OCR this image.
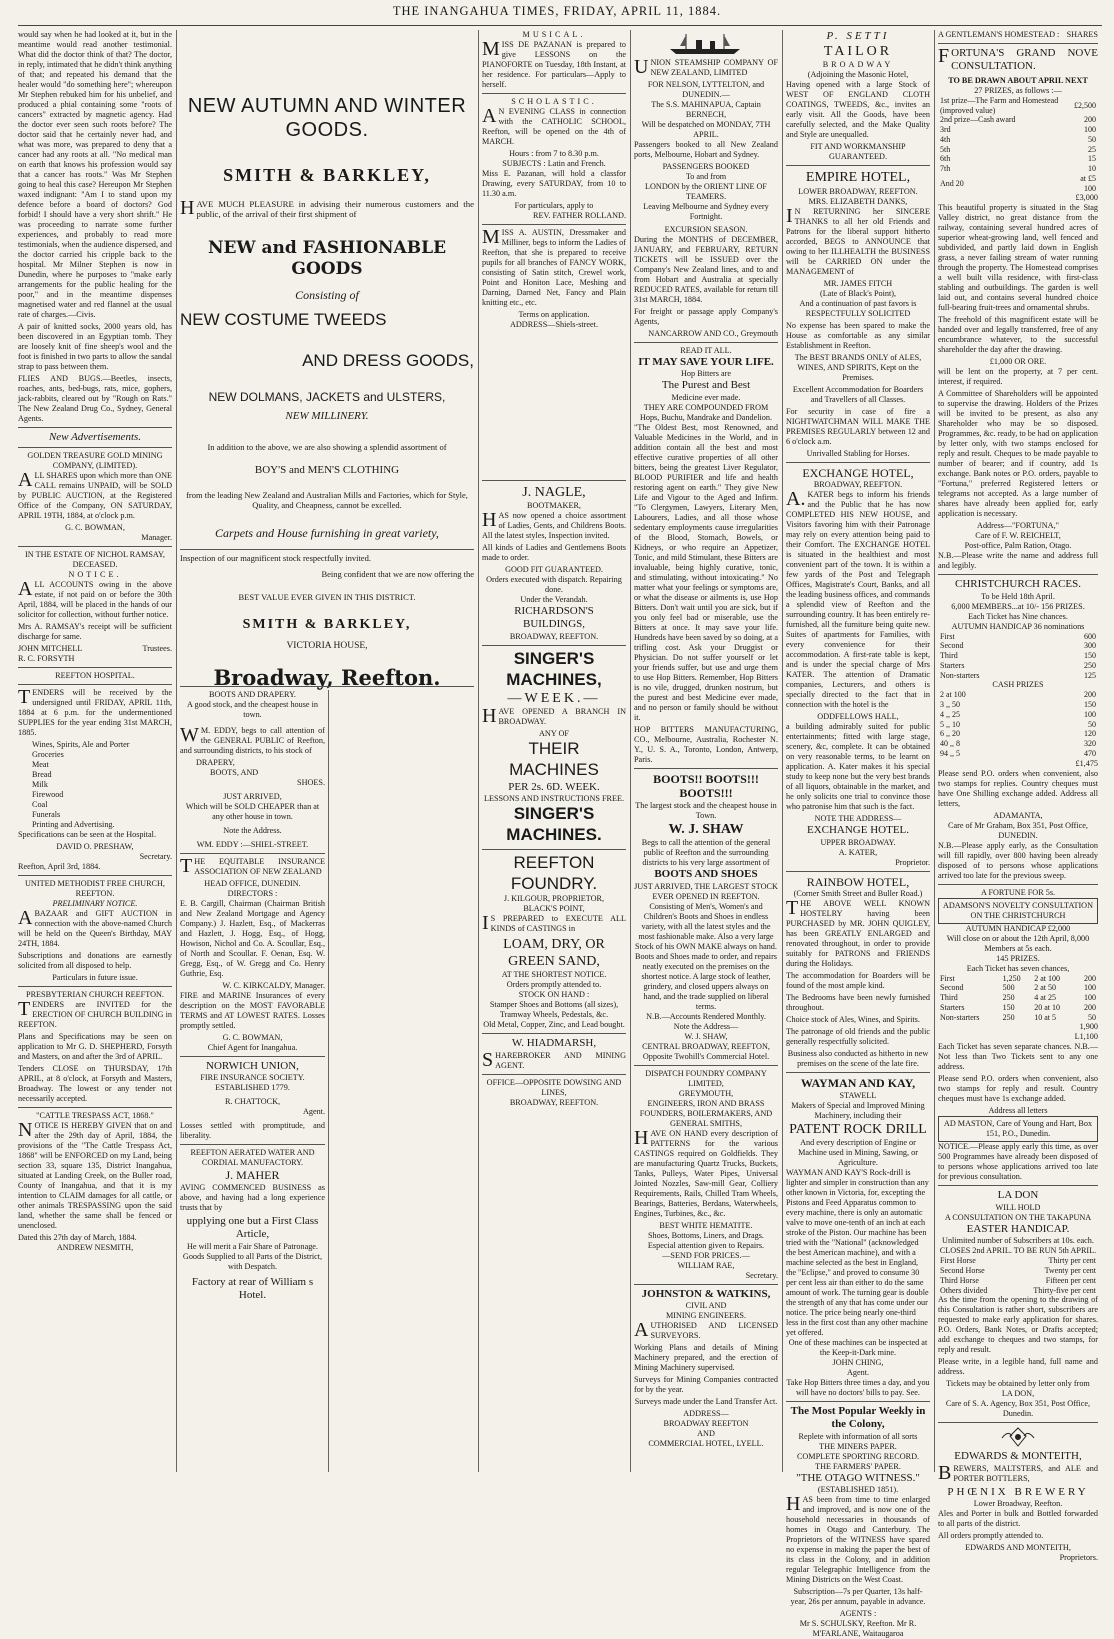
THE INANGAHUA TIMES, FRIDAY, APRIL 11, 1884.

would say when he had looked at it, but in the meantime would read another testimonial. What did the doctor think of that? The doctor, in reply, intimated that he didn't think anything of that; and repeated his demand that the healer would "do something here"; whereupon Mr Stephen rebuked him for his unbelief, and produced a phial containing some "roots of cancers" extracted by magnetic agency. Had the doctor ever seen such roots before? The doctor said that he certainly never had, and what was more, was prepared to deny that a cancer had any roots at all. "No medical man on earth that knows his profession would say that a cancer has roots." Was Mr Stephen going to heal this case? Hereupon Mr Stephen waxed indignant: "Am I to stand upon my defence before a board of doctors? God forbid! I should have a very short shrift." He was proceeding to narrate some further experiences, and probably to read more testimonials, when the audience dispersed, and the doctor carried his cripple back to the hospital. Mr Milner Stephen is now in Dunedin, where he purposes to "make early arrangements for the public healing for the poor," and in the meantime dispenses magnetised water and red flannel at the usual rate of charges.—Civis.

A pair of knitted socks, 2000 years old, has been discovered in an Egyptian tomb. They are loosely knit of fine sheep's wool and the foot is finished in two parts to allow the sandal strap to pass between them.

FLIES AND BUGS.—Beetles, insects, roaches, ants, bed-bugs, rats, mice, gophers, jack-rabbits, cleared out by "Rough on Rats." The New Zealand Drug Co., Sydney, General Agents.

New Advertisements.
GOLDEN TREASURE GOLD MINING COMPANY, (LIMITED).

ALL SHARES upon which more than ONE CALL remains UNPAID, will be SOLD by PUBLIC AUCTION, at the Registered Office of the Company, ON SATURDAY, APRIL 19TH, 1884, at o'clock p.m.

G. C. BOWMAN,
Manager.
IN THE ESTATE OF NICHOL RAMSAY, DECEASED.
NOTICE.

ALL ACCOUNTS owing in the above estate, if not paid on or before the 30th April, 1884, will be placed in the hands of our solicitor for collection, without further notice.

Mrs A. RAMSAY's receipt will be sufficient discharge for same.

JOHN MITCHELL
R. C. FORSYTH
Trustees.
REEFTON HOSPITAL.

TENDERS will be received by the undersigned until FRIDAY, APRIL 11th, 1884 at 6 p.m. for the undermentioned SUPPLIES for the year ending 31st MARCH, 1885.

Wines, Spirits, Ale and Porter
Groceries
Meat
Bread
Milk
Firewood
Coal
Funerals
Printing and Advertising.

Specifications can be seen at the Hospital.

DAVID O. PRESHAW,
Secretary.
Reefton, April 3rd, 1884.
UNITED METHODIST FREE CHURCH, REEFTON.
PRELIMINARY NOTICE.

ABAZAAR and GIFT AUCTION in connection with the above-named Church will be held on the Queen's Birthday, MAY 24TH, 1884.

Subscriptions and donations are earnestly solicited from all disposed to help.

Particulars in future issue.
PRESBYTERIAN CHURCH REEFTON.

TENDERS are INVITED for the ERECTION OF CHURCH BUILDING in REEFTON.

Plans and Specifications may be seen on application to Mr G. D. SHEPHERD, Forsyth and Masters, on and after the 3rd of APRIL.

Tenders CLOSE on THURSDAY, 17th APRIL, at 8 o'clock, at Forsyth and Masters, Broadway. The lowest or any tender not necessarily accepted.

"CATTLE TRESPASS ACT, 1868."

NOTICE IS HEREBY GIVEN that on and after the 29th day of April, 1884, the provisions of the "The Cattle Trespass Act, 1868" will be ENFORCED on my Land, being section 33, square 135, District Inangahua, situated at Landing Creek, on the Buller road, County of Inangahua, and that it is my intention to CLAIM damages for all cattle, or other animals TRESPASSING upon the said land, whether the same shall be fenced or unenclosed.

Dated this 27th day of March, 1884.
ANDREW NESMITH,
NEW AUTUMN AND WINTER GOODS.
SMITH & BARKLEY,

HAVE MUCH PLEASURE in advising their numerous customers and the public, of the arrival of their first shipment of

NEW and FASHIONABLE GOODS
Consisting of
NEW COSTUME TWEEDS
AND DRESS GOODS,
NEW DOLMANS, JACKETS and ULSTERS,
NEW MILLINERY.
In addition to the above, we are also showing a splendid assortment of
BOY'S and MEN'S CLOTHING
from the leading New Zealand and Australian Mills and Factories, which for Style, Quality, and Cheapness, cannot be excelled.
Carpets and House furnishing in great variety,
Inspection of our magnificent stock respectfully invited.
Being confident that we are now offering the
BEST VALUE EVER GIVEN IN THIS DISTRICT.
SMITH & BARKLEY,
VICTORIA HOUSE,
Broadway, Reefton.
BOOTS AND DRAPERY.
A good stock, and the cheapest house in town.

WM. EDDY, begs to call attention of the GENERAL PUBLIC of Reefton, and surrounding districts, to his stock of

DRAPERY,
BOOTS, AND
SHOES.
JUST ARRIVED,
Which will be SOLD CHEAPER than at any other house in town.
Note the Address.
WM. EDDY :—SHIEL-STREET.

THE EQUITABLE INSURANCE ASSOCIATION OF NEW ZEALAND

HEAD OFFICE, DUNEDIN.
DIRECTORS :

E. B. Cargill, Chairman (Chairman British and New Zealand Mortgage and Agency Company.) J. Hazlett, Esq., of Mackerras and Hazlett, J. Hogg, Esq., of Hogg, Howison, Nichol and Co. A. Scoullar, Esq., of North and Scoullar. F. Oenan, Esq. W. Gregg, Esq., of W. Gregg and Co. Henry Guthrie, Esq.

W. C. KIRKCALDY, Manager.

FIRE and MARINE Insurances of every description on the MOST FAVORABLE TERMS and AT LOWEST RATES. Losses promptly settled.

G. C. BOWMAN,
Chief Agent for Inangahua.
NORWICH UNION,
FIRE INSURANCE SOCIETY.
ESTABLISHED 1779.
R. CHATTOCK,
Agent.

Losses settled with promptitude, and liberality.

REEFTON AERATED WATER AND CORDIAL MANUFACTORY.
J. MAHER

AVING COMMENCED BUSINESS as above, and having had a long experience trusts that by

upplying one but a First Class Article,
He will merit a Fair Share of Patronage. Goods Supplied to all Parts of the District, with Despatch.
Factory at rear of William s Hotel.
MUSICAL.

MISS DE PAZANAN is prepared to give LESSONS on the PIANOFORTE on Tuesday, 18th Instant, at her residence. For particulars—Apply to herself.

SCHOLASTIC.

AN EVENING CLASS in connection with the CATHOLIC SCHOOL, Reefton, will be opened on the 4th of MARCH.

Hours : from 7 to 8.30 p.m.
SUBJECTS : Latin and French.

Miss E. Pazanan, will hold a classfor Drawing, every SATURDAY, from 10 to 11.30 a.m.

For particulars, apply to
REV. FATHER ROLLAND.

MISS A. AUSTIN, Dressmaker and Milliner, begs to inform the Ladies of Reefton, that she is prepared to receive pupils for all branches of FANCY WORK, consisting of Satin stitch, Crewel work, Point and Honiton Lace, Meshing and Darning, Darned Net, Fancy and Plain knitting etc., etc.

Terms on application.
ADDRESS—Shiels-street.
J. NAGLE,
BOOTMAKER,

HAS now opened a choice assortment of Ladies, Gents, and Childrens Boots. All the latest styles, Inspection invited.

All kinds of Ladies and Gentlemens Boots made to order.

GOOD FIT GUARANTEED.
Orders executed with dispatch. Repairing done.
Under the Verandah.
RICHARDSON'S BUILDINGS,
BROADWAY, REEFTON.
SINGER'S MACHINES,
—WEEK.—

HAVE OPENED A BRANCH IN BROADWAY.

ANY OF
THEIR MACHINES
PER 2s. 6D. WEEK.
LESSONS AND INSTRUCTIONS FREE.
SINGER'S MACHINES.
REEFTON FOUNDRY.
J. KILGOUR, PROPRIETOR,
BLACK'S POINT,

IS PREPARED to EXECUTE ALL KINDS of CASTINGS in

LOAM, DRY, OR GREEN SAND,
AT THE SHORTEST NOTICE.
Orders promptly attended to.
STOCK ON HAND :
Stamper Shoes and Bottoms (all sizes), Tramway Wheels, Pedestals, &c.
Old Metal, Copper, Zinc, and Lead bought.
W. HIADMARSH,

SHAREBROKER AND MINING AGENT.

OFFICE—OPPOSITE DOWSING AND LINES,
BROADWAY, REEFTON.

UNION STEAMSHIP COMPANY OF NEW ZEALAND, LIMITED

FOR NELSON, LYTTELTON, and DUNEDIN.—
The S.S. MAHINAPUA, Captain BERNECH,
Will be despatched on MONDAY, 7TH APRIL.

Passengers booked to all New Zealand ports, Melbourne, Hobart and Sydney.

PASSENGERS BOOKED
To and from
LONDON by the ORIENT LINE OF TEAMERS.
Leaving Melbourne and Sydney every Fortnight.
EXCURSION SEASON.

During the MONTHS of DECEMBER, JANUARY, and FEBRUARY, RETURN TICKETS will be ISSUED over the Company's New Zealand lines, and to and from Hobart and Australia at specially REDUCED RATES, available for return till 31st MARCH, 1884.

For freight or passage apply Company's Agents,

NANCARROW AND CO., Greymouth
READ IT ALL.
IT MAY SAVE YOUR LIFE.
Hop Bitters are
The Purest and Best
Medicine ever made.
THEY ARE COMPOUNDED FROM Hops, Buchu, Mandrake and Dandelion.

"The Oldest Best, most Renowned, and Valuable Medicines in the World, and in addition contain all the best and most effective curative properties of all other bitters, being the greatest Liver Regulator, BLOOD PURIFIER and life and health restoring agent on earth." They give New Life and Vigour to the Aged and Infirm. "To Clergymen, Lawyers, Literary Men, Labourers, Ladies, and all those whose sedentary employments cause irregularities of the Blood, Stomach, Bowels, or Kidneys, or who require an Appetizer, Tonic, and mild Stimulant, these Bitters are invaluable, being highly curative, tonic, and stimulating, without intoxicating." No matter what your feelings or symptoms are, or what the disease or ailments is, use Hop Bitters. Don't wait until you are sick, but if you only feel bad or miserable, use the Bitters at once. It may save your life. Hundreds have been saved by so doing, at a trifling cost. Ask your Druggist or Physician. Do not suffer yourself or let your friends suffer, but use and urge them to use Hop Bitters. Remember, Hop Bitters is no vile, drugged, drunken nostrum, but the purest and best Medicine ever made, and no person or family should be without it.

HOP BITTERS MANUFACTURING, CO., Melbourne, Australia, Rochester N. Y., U. S. A., Toronto, London, Antwerp, Paris.

BOOTS!! BOOTS!!! BOOTS!!!
The largest stock and the cheapest house in Town.
W. J. SHAW
Begs to call the attention of the general public of Reefton and the surrounding districts to his very large assortment of
BOOTS AND SHOES
JUST ARRIVED, THE LARGEST STOCK EVER OPENED IN REEFTON.
Consisting of Men's, Women's and Children's Boots and Shoes in endless variety, with all the latest styles and the most fashionable make. Also a very large Stock of his OWN MAKE always on hand. Boots and Shoes made to order, and repairs neatly executed on the premises on the shortest notice. A large stock of leather, grindery, and closed uppers always on hand, and the trade supplied on liberal terms.
N.B.—Accounts Rendered Monthly.
Note the Address—
W. J. SHAW,
CENTRAL BROADWAY, REEFTON, Opposite Twohill's Commercial Hotel.
DISPATCH FOUNDRY COMPANY
LIMITED,
GREYMOUTH,
ENGINEERS, IRON AND BRASS FOUNDERS, BOILERMAKERS, AND GENERAL SMITHS,

HAVE ON HAND every description of PATTERNS for the various CASTINGS required on Goldfields. They are manufacturing Quartz Trucks, Buckets, Tanks, Pulleys, Water Pipes, Universal Jointed Nozzles, Saw-mill Gear, Colliery Requirements, Rails, Chilled Tram Wheels, Bearings, Batteries, Berdans, Waterwheels, Engines, Turbines, &c., &c.

BEST WHITE HEMATITE.
Shoes, Bottoms, Liners, and Drags.
Especial attention given to Repairs.
—SEND FOR PRICES.—
WILLIAM RAE,
Secretary.
JOHNSTON & WATKINS,
CIVIL AND
MINING ENGINEERS.

AUTHORISED AND LICENSED SURVEYORS.

Working Plans and details of Mining Machinery prepared, and the erection of Mining Machinery supervised.

Surveys for Mining Companies contracted for by the year.

Surveys made under the Land Transfer Act.

ADDRESS—
BROADWAY REEFTON
AND
COMMERCIAL HOTEL, LYELL.
P. SETTI
TAILOR
BROADWAY
(Adjoining the Masonic Hotel,

Having opened with a large Stock of WEST OF ENGLAND CLOTH COATINGS, TWEEDS, &c., invites an early visit. All the Goods, have been carefully selected, and the Make Quality and Style are unequalled.

FIT AND WORKMANSHIP GUARANTEED.
EMPIRE HOTEL,
LOWER BROADWAY, REEFTON.
MRS. ELIZABETH DANKS,

IN RETURNING her SINCERE THANKS to all her old Friends and Patrons for the liberal support hitherto accorded, BEGS to ANNOUNCE that owing to her ILLHEALTH the BUSINESS will be CARRIED ON under the MANAGEMENT of

MR. JAMES FITCH
(Late of Black's Point),

And a continuation of past favors is RESPECTFULLY SOLICITED

No expense has been spared to make the House as comfortable as any similar Establishment in Reefton.

The BEST BRANDS ONLY of ALES, WINES, AND SPIRITS, Kept on the Premises.

Excellent Accommodation for Boarders and Travellers of all Classes.

For security in case of fire a NIGHTWATCHMAN WILL MAKE THE PREMISES REGULARLY between 12 and 6 o'clock a.m.

Unrivalled Stabling for Horses.
EXCHANGE HOTEL,
BROADWAY, REEFTON.

A.KATER begs to inform his friends and the Public that he has now COMPLETED HIS NEW HOUSE, and Visitors favoring him with their Patronage may rely on every attention being paid to their Comfort. The EXCHANGE HOTEL is situated in the healthiest and most convenient part of the town. It is within a few yards of the Post and Telegraph Offices, Magistrate's Court, Banks, and all the leading business offices, and commands a splendid view of Reefton and the surrounding country. It has been entirely re-furnished, all the furniture being quite new. Suites of apartments for Families, with every convenience for their accommodation. A first-rate table is kept, and is under the special charge of Mrs KATER. The attention of Dramatic companies, Lecturers, and others is specially directed to the fact that in connection with the hotel is the

ODDFELLOWS HALL,

a building admirably suited for public entertainments; fitted with large stage, scenery, &c, complete. It can be obtained on very reasonable terms, to be learnt on application. A. Kater makes it his special study to keep none but the very best brands of all liquors, obtainable in the market, and he only solicits one trial to convince those who patronise him that such is the fact.

NOTE THE ADDRESS—
EXCHANGE HOTEL.
UPPER BROADWAY.
A. KATER,
Proprietor.
RAINBOW HOTEL,
(Corner Smith Street and Buller Road.)

THE ABOVE WELL KNOWN HOSTELRY having been PURCHASED by MR. JOHN QUIGLEY, has been GREATLY ENLARGED and renovated throughout, in order to provide suitably for PATRONS and FRIENDS during the Holidays.

The accommodation for Boarders will be found of the most ample kind.

The Bedrooms have been newly furnished throughout.

Choice stock of Ales, Wines, and Spirits.

The patronage of old friends and the public generally respectfully solicited.

Business also conducted as hitherto in new premises on the scene of the late fire.

WAYMAN AND KAY,
STAWELL
Makers of Special and Improved Mining Machinery, including their
PATENT ROCK DRILL
And every description of Engine or Machine used in Mining, Sawing, or Agriculture.
WAYMAN AND KAY'S Rock-drill is lighter and simpler in construction than any other known in Victoria, for, excepting the Pistons and Feed Apparatus common to every machine, there is only an automatic valve to move one-tenth of an inch at each stroke of the Piston. Our machine has been tried with the "National" (acknowledged the best American machine), and with a machine selected as the best in England, the "Eclipse," and proved to consume 30 per cent less air than either to do the same amount of work. The turning gear is double the strength of any that has come under our notice. The price being nearly one-third less in the first cost than any other machine yet offered.
One of these machines can be inspected at the Keep-it-Dark mine.
JOHN CHING,
Agent.
Take Hop Bitters three times a day, and you will have no doctors' bills to pay. See.
The Most Popular Weekly in the Colony,
Replete with information of all sorts
THE MINERS PAPER.
COMPLETE SPORTING RECORD.
THE FARMERS' PAPER.
"THE OTAGO WITNESS."
(ESTABLISHED 1851).

HAS been from time to time enlarged and improved, and is now one of the household necessaries in thousands of homes in Otago and Canterbury. The Proprietors of the WITNESS have spared no expense in making the paper the best of its class in the Colony, and in addition regular Telegraphic Intelligence from the Mining Districts on the West Coast.

Subscription—7s per Quarter, 13s half-year, 26s per annum, payable in advance.

AGENTS :
Mr S. SCHULSKY, Reefton. Mr R. M'FARLANE, Waitaugaroa
A GENTLEMAN'S HOMESTEAD : SHARES

FORTUNA'S GRAND NOVE CONSULTATION.

TO BE DRAWN ABOUT APRIL NEXT
27 PRIZES, as follows :—
1st prize—The Farm and Homestead (improved value)	£2,500
2nd prize—Cash award	200
3rd	100
4th	50
5th	25
6th	15
7th	10
And 20	at £5 100
£3,000

This beautiful property is situated in the Stag Valley district, no great distance from the railway, containing several hundred acres of superior wheat-growing land, well fenced and subdivided, and partly laid down in English grass, a never failing stream of water running through the property. The Homestead comprises a well built villa residence, with first-class stabling and outbuildings. The garden is well laid out, and contains several hundred choice full-bearing fruit-trees and ornamental shrubs.

The freehold of this magnificent estate will be handed over and legally transferred, free of any encumbrance whatever, to the successful shareholder the day after the drawing.

£1,000 OR ORE.

will be lent on the property, at 7 per cent. interest, if required.

A Committee of Shareholders will be appointed to supervise the drawing. Holders of the Prizes will be invited to be present, as also any Shareholder who may be so disposed. Programmes, &c. ready, to be had on application by letter only, with two stamps enclosed for reply and result. Cheques to be made payable to number of bearer; and if country, add 1s exchange. Bank notes or P.O. orders, payable to "Fortuna," preferred Registered letters or telegrams not accepted. As a large number of shares have already been applied for, early application is necessary.

Address—"FORTUNA,"
Care of F. W. REICHELT,
Post-office, Palm Ration, Otago.

N.B.—Please write the name and address full and legibly.

CHRISTCHURCH RACES.
To be Held 18th April.
6,000 MEMBERS...at 10/- 156 PRIZES.
Each Ticket has Nine chances.
AUTUMN HANDICAP 36 nominations
First	600
Second	300
Third	150
Starters	250
Non-starters	125
CASH PRIZES
2 at 100	200
3 ,, 50	150
4 ,, 25	100
5 ,, 10	50
6 ,, 20	120
40 ,, 8	320
94 ,, 5	470
£1,475

Please send P.O. orders when convenient, also two stamps for replies. Country cheques must have One Shilling exchange added. Address all letters,

ADAMANTA,
Care of Mr Graham, Box 351, Post Office,
DUNEDIN.

N.B.—Please apply early, as the Consultation will fill rapidly, over 800 having been already disposed of to persons whose applications arrived too late for the previous sweep.

A FORTUNE FOR 5s.
ADAMSON'S NOVELTY CONSULTATION ON THE CHRISTCHURCH
AUTUMN HANDICAP £2,000
Will close on or about the 12th April, 8,000 Members at 5s each.
145 PRIZES.
Each Ticket has seven chances,
First	1,250	2 at 100	200
Second	500	2 at 50	100
Third	250	4 at 25	100
Starters	150	20 at 10	200
Non-starters	250	10 at 5	50
1,900
L1,100

Each Ticket has seven separate chances. N.B.—Not less than Two Tickets sent to any one address.

Please send P.O. orders when convenient, also two stamps for reply and result. Country cheques must have 1s exchange added.

Address all letters
AD MASTON, Care of Young and Hart, Box 151, P.O., Dunedin.

NOTICE.—Please apply early this time, as over 500 Programmes have already been disposed of to persons whose applications arrived too late for previous consultation.

LA DON
WILL HOLD
A CONSULTATION ON THE TAKAPUNA
EASTER HANDICAP.
Unlimited number of Subscribers at 10s. each.
CLOSES 2nd APRIL. TO BE RUN 5th APRIL.
First Horse	Thirty per cent
Second Horse	Twenty per cent
Third Horse	Fifteen per cent
Others divided	Thirty-five per cent

As the time from the opening to the drawing of this Consultation is rather short, subscribers are requested to make early application for shares. P.O. Orders, Bank Notes, or Drafts accepted; add exchange to cheques and two stamps, for reply and result.

Please write, in a legible hand, full name and address.

Tickets may be obtained by letter only from
LA DON,
Care of S. A. Agency, Box 351, Post Office, Dunedin.
EDWARDS & MONTEITH,

BREWERS, MALTSTERS, and ALE and PORTER BOTTLERS,

PHŒNIX BREWERY
Lower Broadway, Reefton.

Ales and Porter in bulk and Bottled forwarded to all parts of the district.

All orders promptly attended to.

EDWARDS AND MONTEITH,
Proprietors.
